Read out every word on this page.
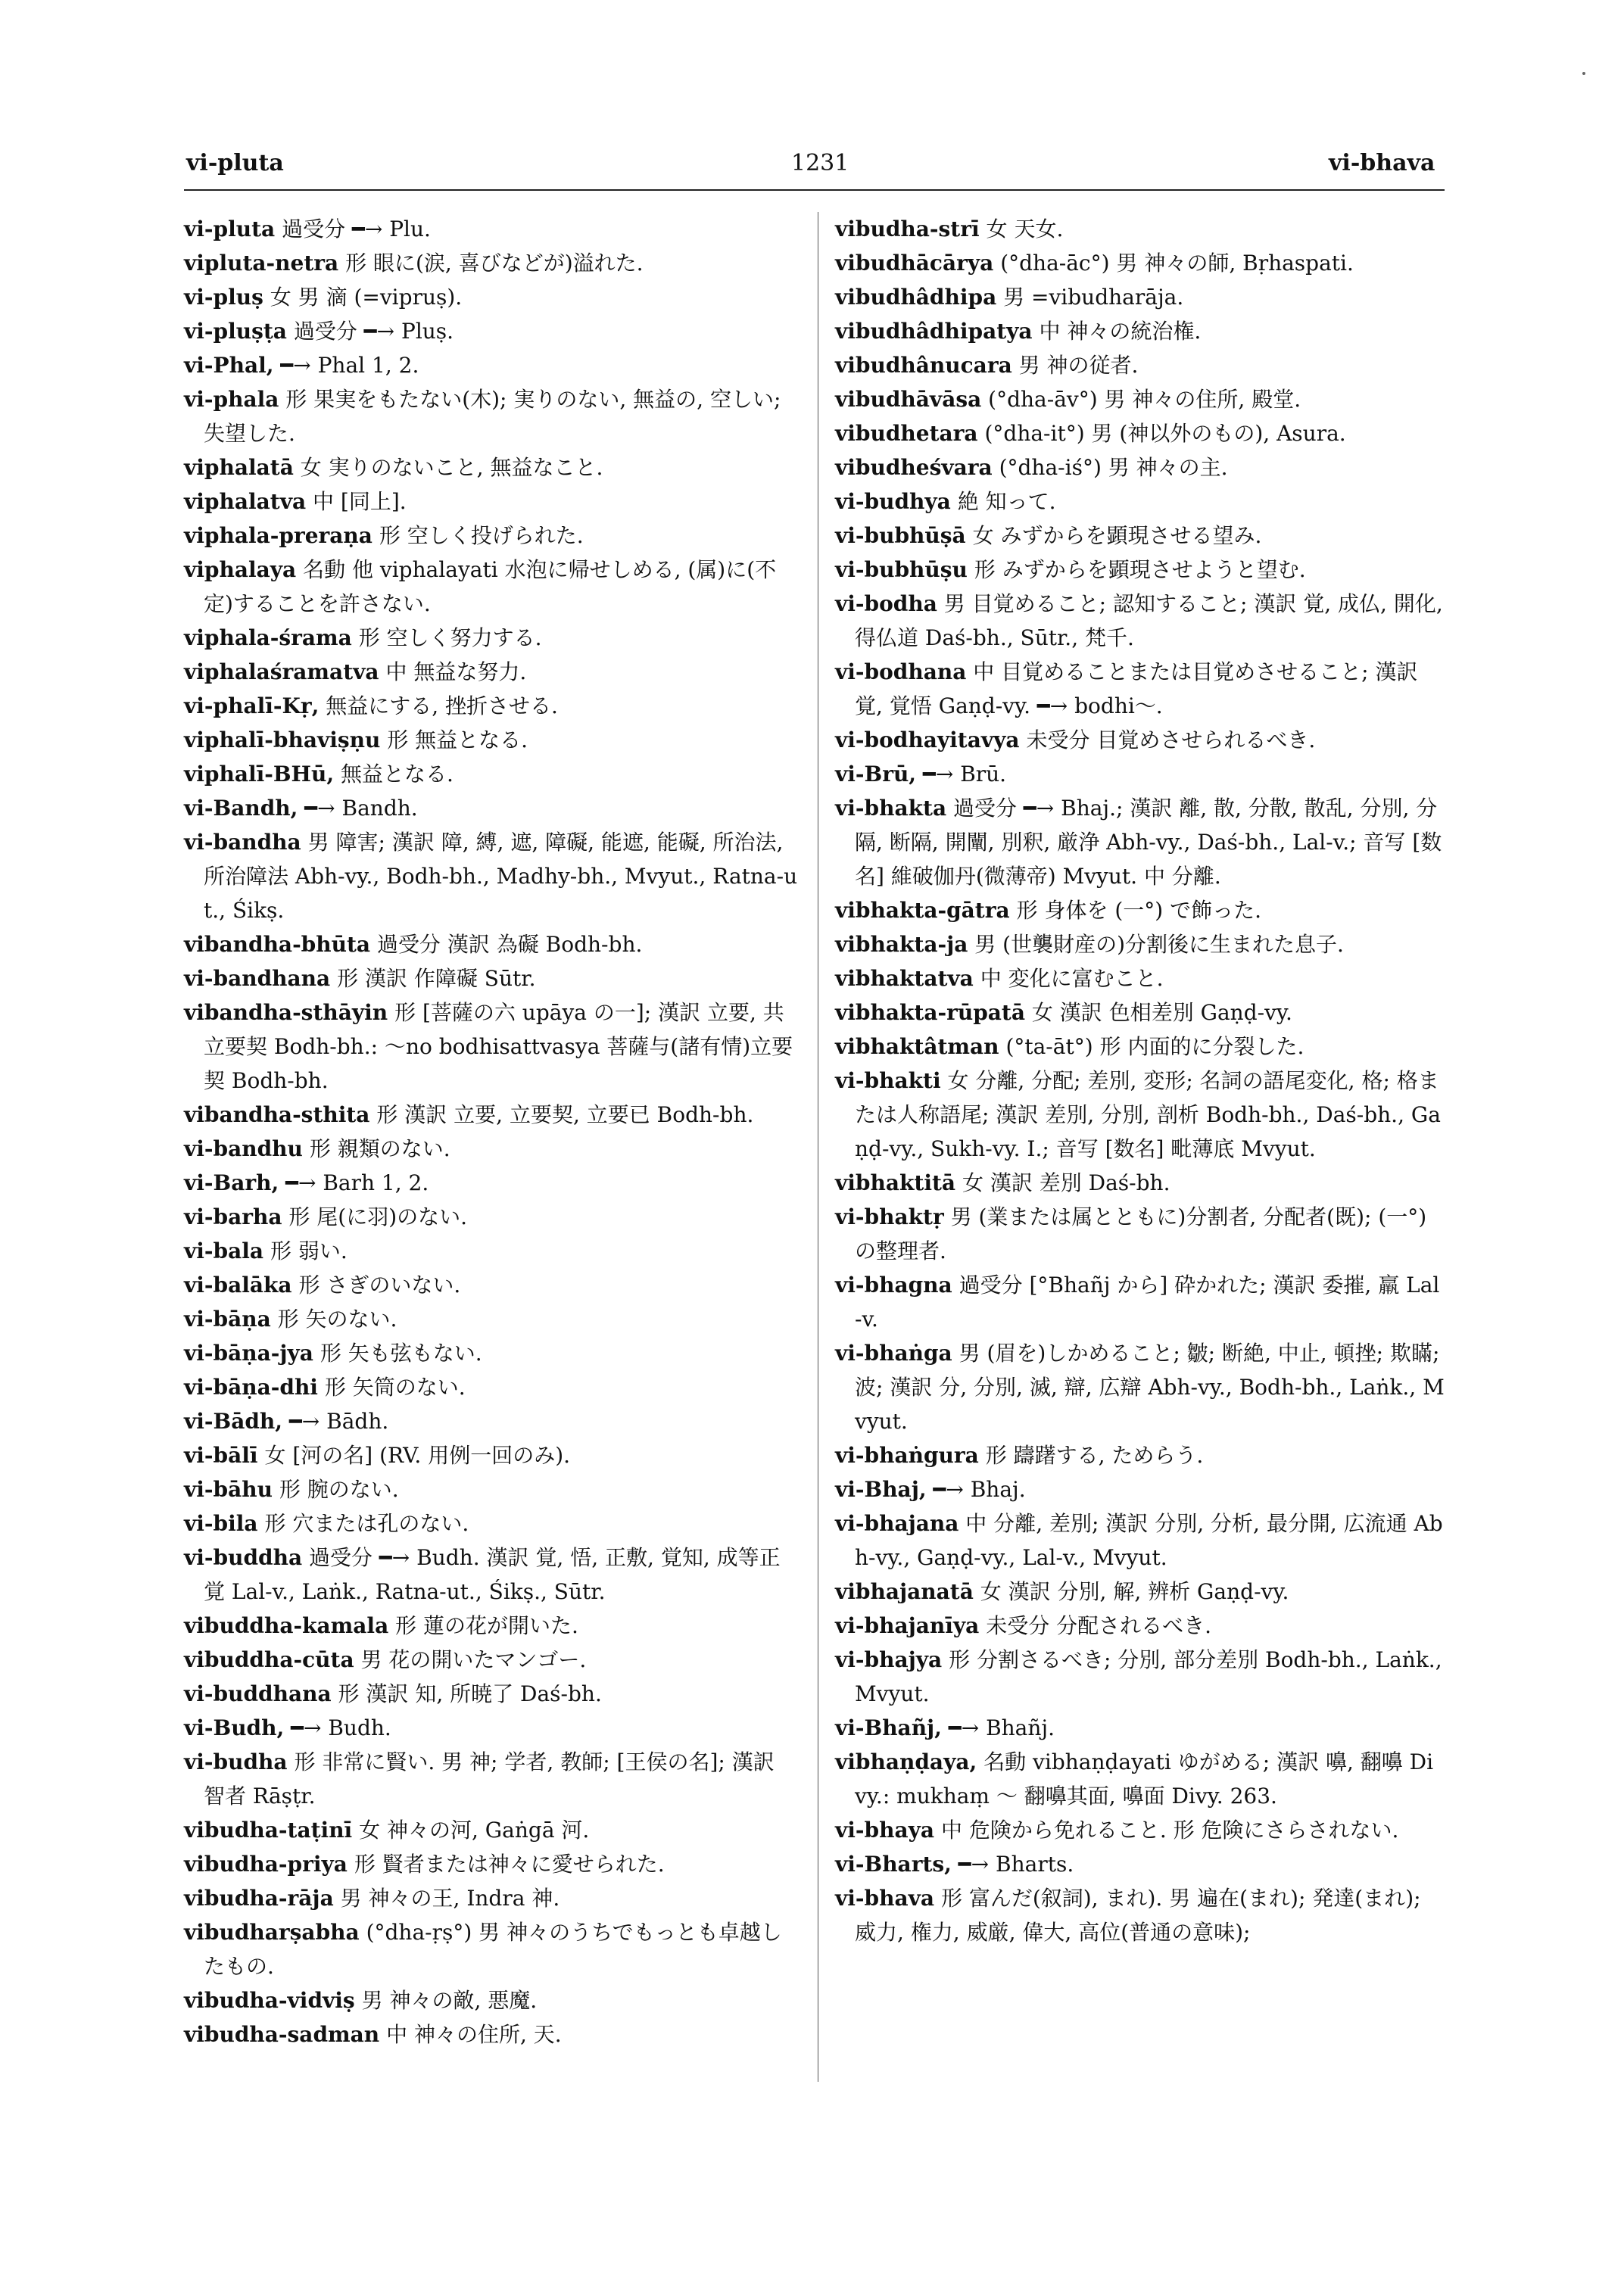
vi-pluta	1231	vi-bhava
vi-pluta 過受分 ━→ Plu.
vipluta-netra 形 眼に(涙, 喜びなどが)溢れた.
vi-pluṣ 女 男 滴 (=vipruṣ).
vi-pluṣṭa 過受分 ━→ Pluṣ.
vi-Phal, ━→ Phal 1, 2.
vi-phala 形 果実をもたない(木); 実りのない, 無益の, 空しい; 失望した.
viphalatā 女 実りのないこと, 無益なこと.
viphalatva 中 [同上].
viphala-preraṇa 形 空しく投げられた.
viphalaya 名動 他 viphalayati 水泡に帰せしめる, (属)に(不定)することを許さない.
viphala-śrama 形 空しく努力する.
viphalaśramatva 中 無益な努力.
vi-phalī-Kṛ, 無益にする, 挫折させる.
viphalī-bhaviṣṇu 形 無益となる.
viphalī-BHū, 無益となる.
vi-Bandh, ━→ Bandh.
vi-bandha 男 障害; 漢訳 障, 縛, 遮, 障礙, 能遮, 能礙, 所治法, 所治障法 Abh-vy., Bodh-bh., Madhy-bh., Mvyut., Ratna-ut., Śikṣ.
vibandha-bhūta 過受分 漢訳 為礙 Bodh-bh.
vi-bandhana 形 漢訳 作障礙 Sūtr.
vibandha-sthāyin 形 [菩薩の六 upāya の一]; 漢訳 立要, 共立要契 Bodh-bh.: ～no bodhisattvasya 菩薩与(諸有情)立要契 Bodh-bh.
vibandha-sthita 形 漢訳 立要, 立要契, 立要已 Bodh-bh.
vi-bandhu 形 親類のない.
vi-Barh, ━→ Barh 1, 2.
vi-barha 形 尾(に羽)のない.
vi-bala 形 弱い.
vi-balāka 形 さぎのいない.
vi-bāṇa 形 矢のない.
vi-bāṇa-jya 形 矢も弦もない.
vi-bāṇa-dhi 形 矢筒のない.
vi-Bādh, ━→ Bādh.
vi-bālī 女 [河の名] (RV. 用例一回のみ).
vi-bāhu 形 腕のない.
vi-bila 形 穴または孔のない.
vi-buddha 過受分 ━→ Budh. 漢訳 覚, 悟, 正敷, 覚知, 成等正覚 Lal-v., Laṅk., Ratna-ut., Śikṣ., Sūtr.
vibuddha-kamala 形 蓮の花が開いた.
vibuddha-cūta 男 花の開いたマンゴー.
vi-buddhana 形 漢訳 知, 所暁了 Daś-bh.
vi-Budh, ━→ Budh.
vi-budha 形 非常に賢い. 男 神; 学者, 教師; [王侯の名]; 漢訳 智者 Rāṣṭr.
vibudha-taṭinī 女 神々の河, Gaṅgā 河.
vibudha-priya 形 賢者または神々に愛せられた.
vibudha-rāja 男 神々の王, Indra 神.
vibudharṣabha (°dha-ṛṣ°) 男 神々のうちでもっとも卓越したもの.
vibudha-vidviṣ 男 神々の敵, 悪魔.
vibudha-sadman 中 神々の住所, 天.
vibudha-strī 女 天女.
vibudhācārya (°dha-āc°) 男 神々の師, Bṛhaspati.
vibudhâdhipa 男 =vibudharāja.
vibudhâdhipatya 中 神々の統治権.
vibudhânucara 男 神の従者.
vibudhāvāsa (°dha-āv°) 男 神々の住所, 殿堂.
vibudhetara (°dha-it°) 男 (神以外のもの), Asura.
vibudheśvara (°dha-iś°) 男 神々の主.
vi-budhya 絶 知って.
vi-bubhūṣā 女 みずからを顕現させる望み.
vi-bubhūṣu 形 みずからを顕現させようと望む.
vi-bodha 男 目覚めること; 認知すること; 漢訳 覚, 成仏, 開化, 得仏道 Daś-bh., Sūtr., 梵千.
vi-bodhana 中 目覚めることまたは目覚めさせること; 漢訳 覚, 覚悟 Gaṇḍ-vy. ━→ bodhi～.
vi-bodhayitavya 未受分 目覚めさせられるべき.
vi-Brū, ━→ Brū.
vi-bhakta 過受分 ━→ Bhaj.; 漢訳 離, 散, 分散, 散乱, 分別, 分隔, 断隔, 開闡, 別釈, 厳浄 Abh-vy., Daś-bh., Lal-v.; 音写 [数名] 維破伽丹(微薄帝) Mvyut. 中 分離.
vibhakta-gātra 形 身体を (一°) で飾った.
vibhakta-ja 男 (世襲財産の)分割後に生まれた息子.
vibhaktatva 中 変化に富むこと.
vibhakta-rūpatā 女 漢訳 色相差別 Gaṇḍ-vy.
vibhaktâtman (°ta-āt°) 形 内面的に分裂した.
vi-bhakti 女 分離, 分配; 差別, 変形; 名詞の語尾変化, 格; 格または人称語尾; 漢訳 差別, 分別, 剖析 Bodh-bh., Daś-bh., Gaṇḍ-vy., Sukh-vy. I.; 音写 [数名] 毗薄底 Mvyut.
vibhaktitā 女 漢訳 差別 Daś-bh.
vi-bhaktṛ 男 (業または属とともに)分割者, 分配者(既); (一°) の整理者.
vi-bhagna 過受分 [°Bhañj から] 砕かれた; 漢訳 委摧, 羸 Lal-v.
vi-bhaṅga 男 (眉を)しかめること; 皺; 断絶, 中止, 頓挫; 欺瞞; 波; 漢訳 分, 分別, 滅, 辯, 広辯 Abh-vy., Bodh-bh., Laṅk., Mvyut.
vi-bhaṅgura 形 躊躇する, ためらう.
vi-Bhaj, ━→ Bhaj.
vi-bhajana 中 分離, 差別; 漢訳 分別, 分析, 最分開, 広流通 Abh-vy., Gaṇḍ-vy., Lal-v., Mvyut.
vibhajanatā 女 漢訳 分別, 解, 辨析 Gaṇḍ-vy.
vi-bhajanīya 未受分 分配されるべき.
vi-bhajya 形 分割さるべき; 分別, 部分差別 Bodh-bh., Laṅk., Mvyut.
vi-Bhañj, ━→ Bhañj.
vibhaṇḍaya, 名動 vibhaṇḍayati ゆがめる; 漢訳 嚊, 翻嚊 Divy.: mukhaṃ ～ 翻嚊其面, 嚊面 Divy. 263.
vi-bhaya 中 危険から免れること. 形 危険にさらされない.
vi-Bharts, ━→ Bharts.
vi-bhava 形 富んだ(叙詞), まれ). 男 遍在(まれ); 発達(まれ); 威力, 権力, 威厳, 偉大, 高位(普通の意味);
